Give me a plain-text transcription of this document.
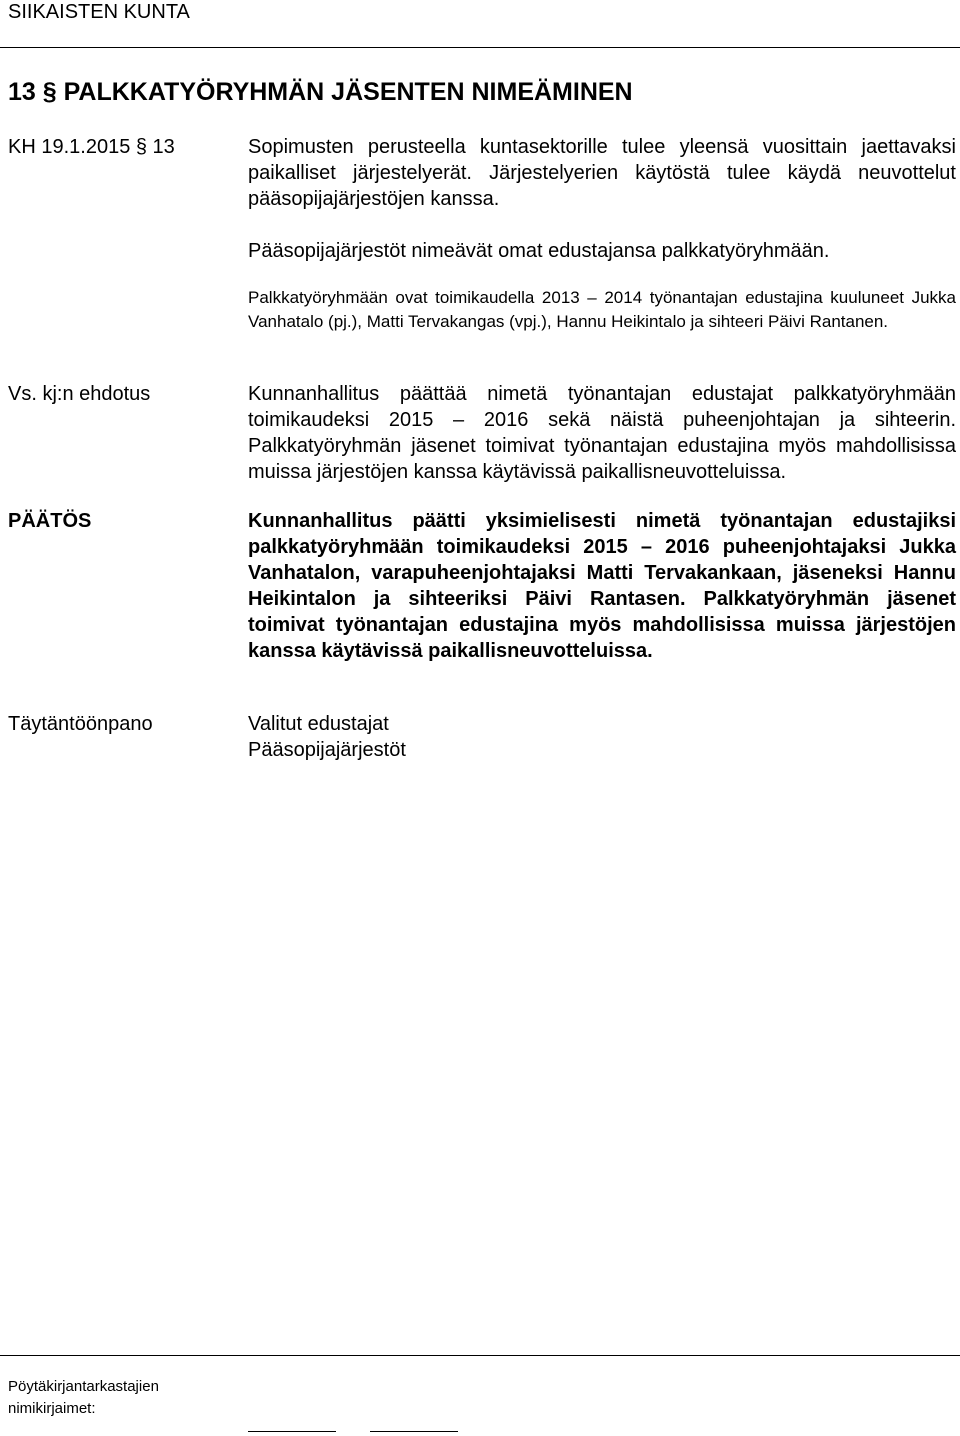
SIIKAISTEN KUNTA
13 § PALKKATYÖRYHMÄN JÄSENTEN NIMEÄMINEN
KH 19.1.2015 § 13	Sopimusten perusteella kuntasektorille tulee yleensä vuosittain jaettavaksi paikalliset järjestelyerät. Järjestelyerien käytöstä tulee käydä neuvottelut pääsopijajärjestöjen kanssa.

Pääsopijajärjestöt nimeävät omat edustajansa palkkatyöryhmään.

Palkkatyöryhmään ovat toimikaudella 2013 – 2014 työnantajan edustajina kuuluneet Jukka Vanhatalo (pj.), Matti Tervakangas (vpj.), Hannu Heikintalo ja sihteeri Päivi Rantanen.

Vs. kj:n ehdotus	Kunnanhallitus päättää nimetä työnantajan edustajat palkkatyöryhmään toimikaudeksi 2015 – 2016 sekä näistä puheenjohtajan ja sihteerin. Palkkatyöryhmän jäsenet toimivat työnantajan edustajina myös mahdollisissa muissa järjestöjen kanssa käytävissä paikallisneuvotteluissa.

PÄÄTÖS	Kunnanhallitus päätti yksimielisesti nimetä työnantajan edustajiksi palkkatyöryhmään toimikaudeksi 2015 – 2016 puheenjohtajaksi Jukka Vanhatalon, varapuheenjohtajaksi Matti Tervakankaan, jäseneksi Hannu Heikintalon ja sihteeriksi Päivi Rantasen. Palkkatyöryhmän jäsenet toimivat työnantajan edustajina myös mahdollisissa muissa järjestöjen kanssa käytävissä paikallisneuvotteluissa.

Täytäntöönpano	Valitut edustajat

Pääsopijajärjestöt

Pöytäkirjantarkastajien
nimikirjaimet:
